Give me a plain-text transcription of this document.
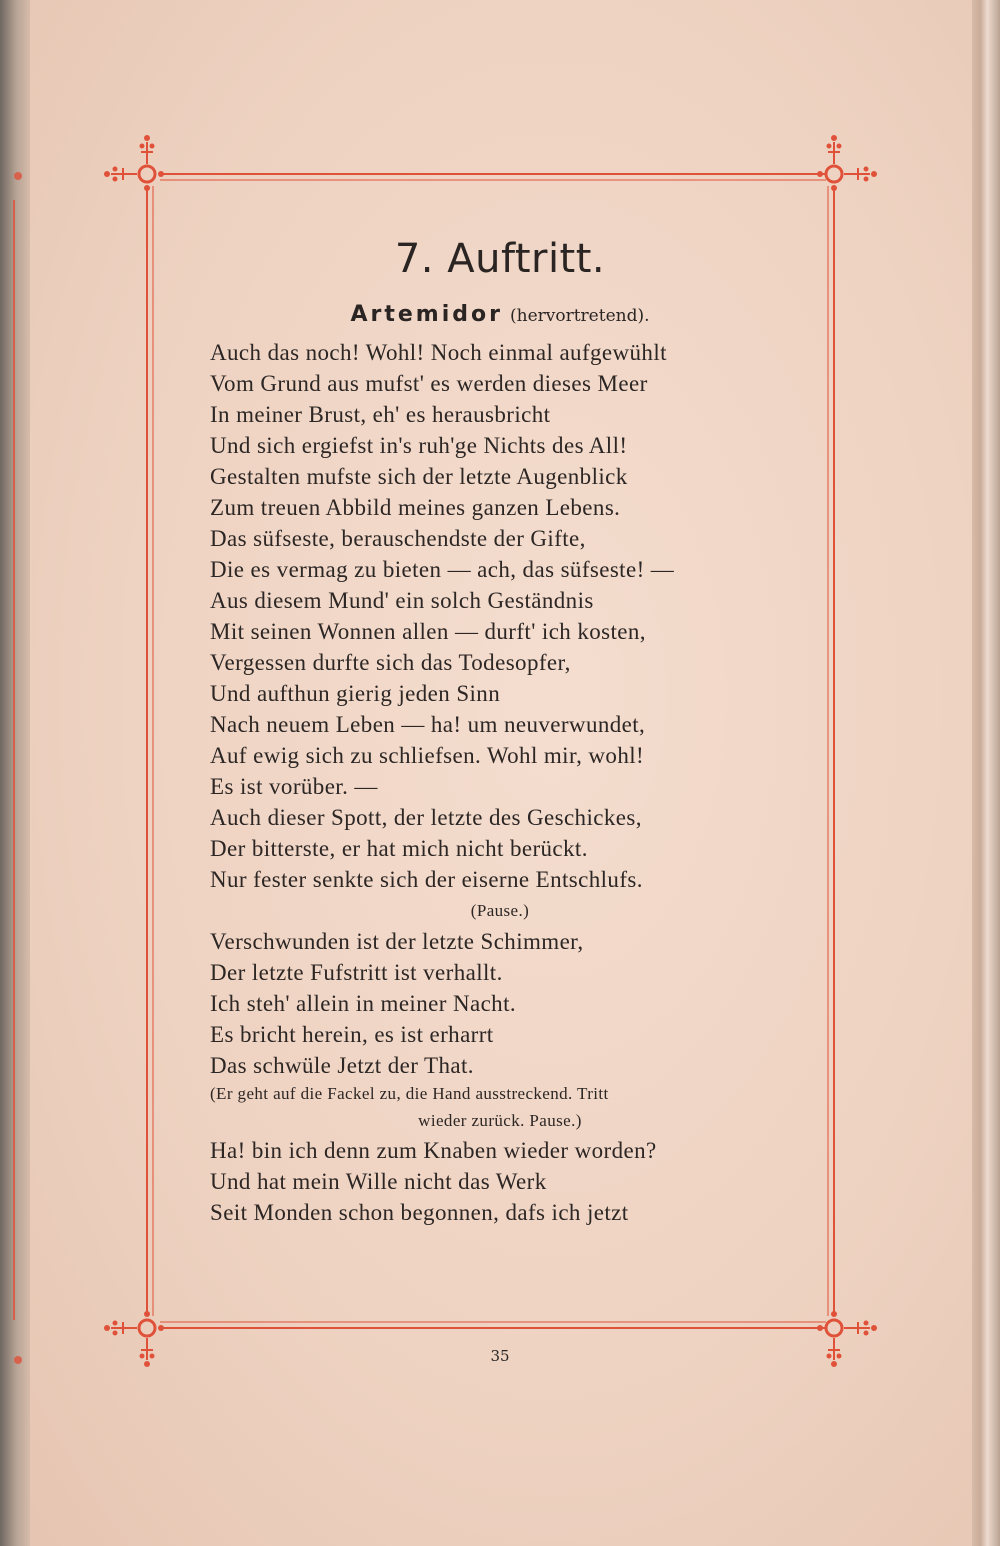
7. Auftritt.
Artemidor (hervortretend).
Auch das noch! Wohl! Noch einmal aufgewühlt
Vom Grund aus mufst' es werden dieses Meer
In meiner Brust, eh' es herausbricht
Und sich ergiefst in's ruh'ge Nichts des All!
Gestalten mufste sich der letzte Augenblick
Zum treuen Abbild meines ganzen Lebens.
Das süfseste, berauschendste der Gifte,
Die es vermag zu bieten — ach, das süfseste! —
Aus diesem Mund' ein solch Geständnis
Mit seinen Wonnen allen — durft' ich kosten,
Vergessen durfte sich das Todesopfer,
Und aufthun gierig jeden Sinn
Nach neuem Leben — ha! um neuverwundet,
Auf ewig sich zu schliefsen. Wohl mir, wohl!
Es ist vorüber. —
Auch dieser Spott, der letzte des Geschickes,
Der bitterste, er hat mich nicht berückt.
Nur fester senkte sich der eiserne Entschlufs.
(Pause.)
Verschwunden ist der letzte Schimmer,
Der letzte Fufstritt ist verhallt.
Ich steh' allein in meiner Nacht.
Es bricht herein, es ist erharrt
Das schwüle Jetzt der That.
(Er geht auf die Fackel zu, die Hand ausstreckend. Tritt
wieder zurück. Pause.)
Ha! bin ich denn zum Knaben wieder worden?
Und hat mein Wille nicht das Werk
Seit Monden schon begonnen, dafs ich jetzt
35
